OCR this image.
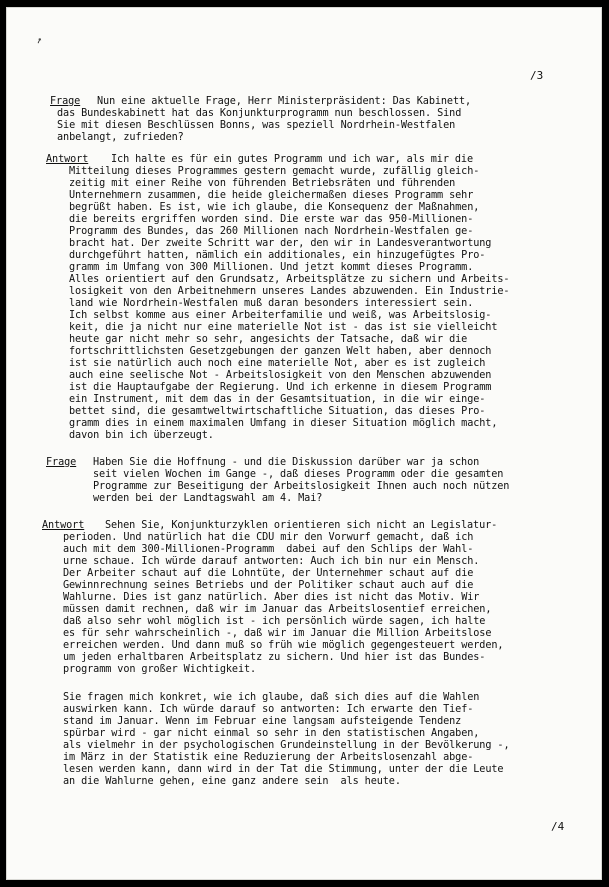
↗
/3
Frage Nun eine aktuelle Frage, Herr Ministerpräsident: Das Kabinett,
das Bundeskabinett hat das Konjunkturprogramm nun beschlossen. Sind
Sie mit diesen Beschlüssen Bonns, was speziell Nordrhein-Westfalen
anbelangt, zufrieden?
Antwort Ich halte es für ein gutes Programm und ich war, als mir die
Mitteilung dieses Programmes gestern gemacht wurde, zufällig gleich-
zeitig mit einer Reihe von führenden Betriebsräten und führenden
Unternehmern zusammen, die heide gleichermaßen dieses Programm sehr
begrüßt haben. Es ist, wie ich glaube, die Konsequenz der Maßnahmen,
die bereits ergriffen worden sind. Die erste war das 950-Millionen-
Programm des Bundes, das 260 Millionen nach Nordrhein-Westfalen ge-
bracht hat. Der zweite Schritt war der, den wir in Landesverantwortung
durchgeführt hatten, nämlich ein additionales, ein hinzugefügtes Pro-
gramm im Umfang von 300 Millionen. Und jetzt kommt dieses Programm.
Alles orientiert auf den Grundsatz, Arbeitsplätze zu sichern und Arbeits-
losigkeit von den Arbeitnehmern unseres Landes abzuwenden. Ein Industrie-
land wie Nordrhein-Westfalen muß daran besonders interessiert sein.
Ich selbst komme aus einer Arbeiterfamilie und weiß, was Arbeitslosig-
keit, die ja nicht nur eine materielle Not ist - das ist sie vielleicht
heute gar nicht mehr so sehr, angesichts der Tatsache, daß wir die
fortschrittlichsten Gesetzgebungen der ganzen Welt haben, aber dennoch
ist sie natürlich auch noch eine materielle Not, aber es ist zugleich
auch eine seelische Not - Arbeitslosigkeit von den Menschen abzuwenden
ist die Hauptaufgabe der Regierung. Und ich erkenne in diesem Programm
ein Instrument, mit dem das in der Gesamtsituation, in die wir einge-
bettet sind, die gesamtweltwirtschaftliche Situation, das dieses Pro-
gramm dies in einem maximalen Umfang in dieser Situation möglich macht,
davon bin ich überzeugt.
Frage Haben Sie die Hoffnung - und die Diskussion darüber war ja schon
seit vielen Wochen im Gange -, daß dieses Programm oder die gesamten
Programme zur Beseitigung der Arbeitslosigkeit Ihnen auch noch nützen
werden bei der Landtagswahl am 4. Mai?
Antwort Sehen Sie, Konjunkturzyklen orientieren sich nicht an Legislatur-
perioden. Und natürlich hat die CDU mir den Vorwurf gemacht, daß ich
auch mit dem 300-Millionen-Programm  dabei auf den Schlips der Wahl-
urne schaue. Ich würde darauf antworten: Auch ich bin nur ein Mensch.
Der Arbeiter schaut auf die Lohntüte, der Unternehmer schaut auf die
Gewinnrechnung seines Betriebs und der Politiker schaut auch auf die
Wahlurne. Dies ist ganz natürlich. Aber dies ist nicht das Motiv. Wir
müssen damit rechnen, daß wir im Januar das Arbeitslosentief erreichen,
daß also sehr wohl möglich ist - ich persönlich würde sagen, ich halte
es für sehr wahrscheinlich -, daß wir im Januar die Million Arbeitslose
erreichen werden. Und dann muß so früh wie möglich gegengesteuert werden,
um jeden erhaltbaren Arbeitsplatz zu sichern. Und hier ist das Bundes-
programm von großer Wichtigkeit.
Sie fragen mich konkret, wie ich glaube, daß sich dies auf die Wahlen
auswirken kann. Ich würde darauf so antworten: Ich erwarte den Tief-
stand im Januar. Wenn im Februar eine langsam aufsteigende Tendenz
spürbar wird - gar nicht einmal so sehr in den statistischen Angaben,
als vielmehr in der psychologischen Grundeinstellung in der Bevölkerung -,
im März in der Statistik eine Reduzierung der Arbeitslosenzahl abge-
lesen werden kann, dann wird in der Tat die Stimmung, unter der die Leute
an die Wahlurne gehen, eine ganz andere sein  als heute.
/4
